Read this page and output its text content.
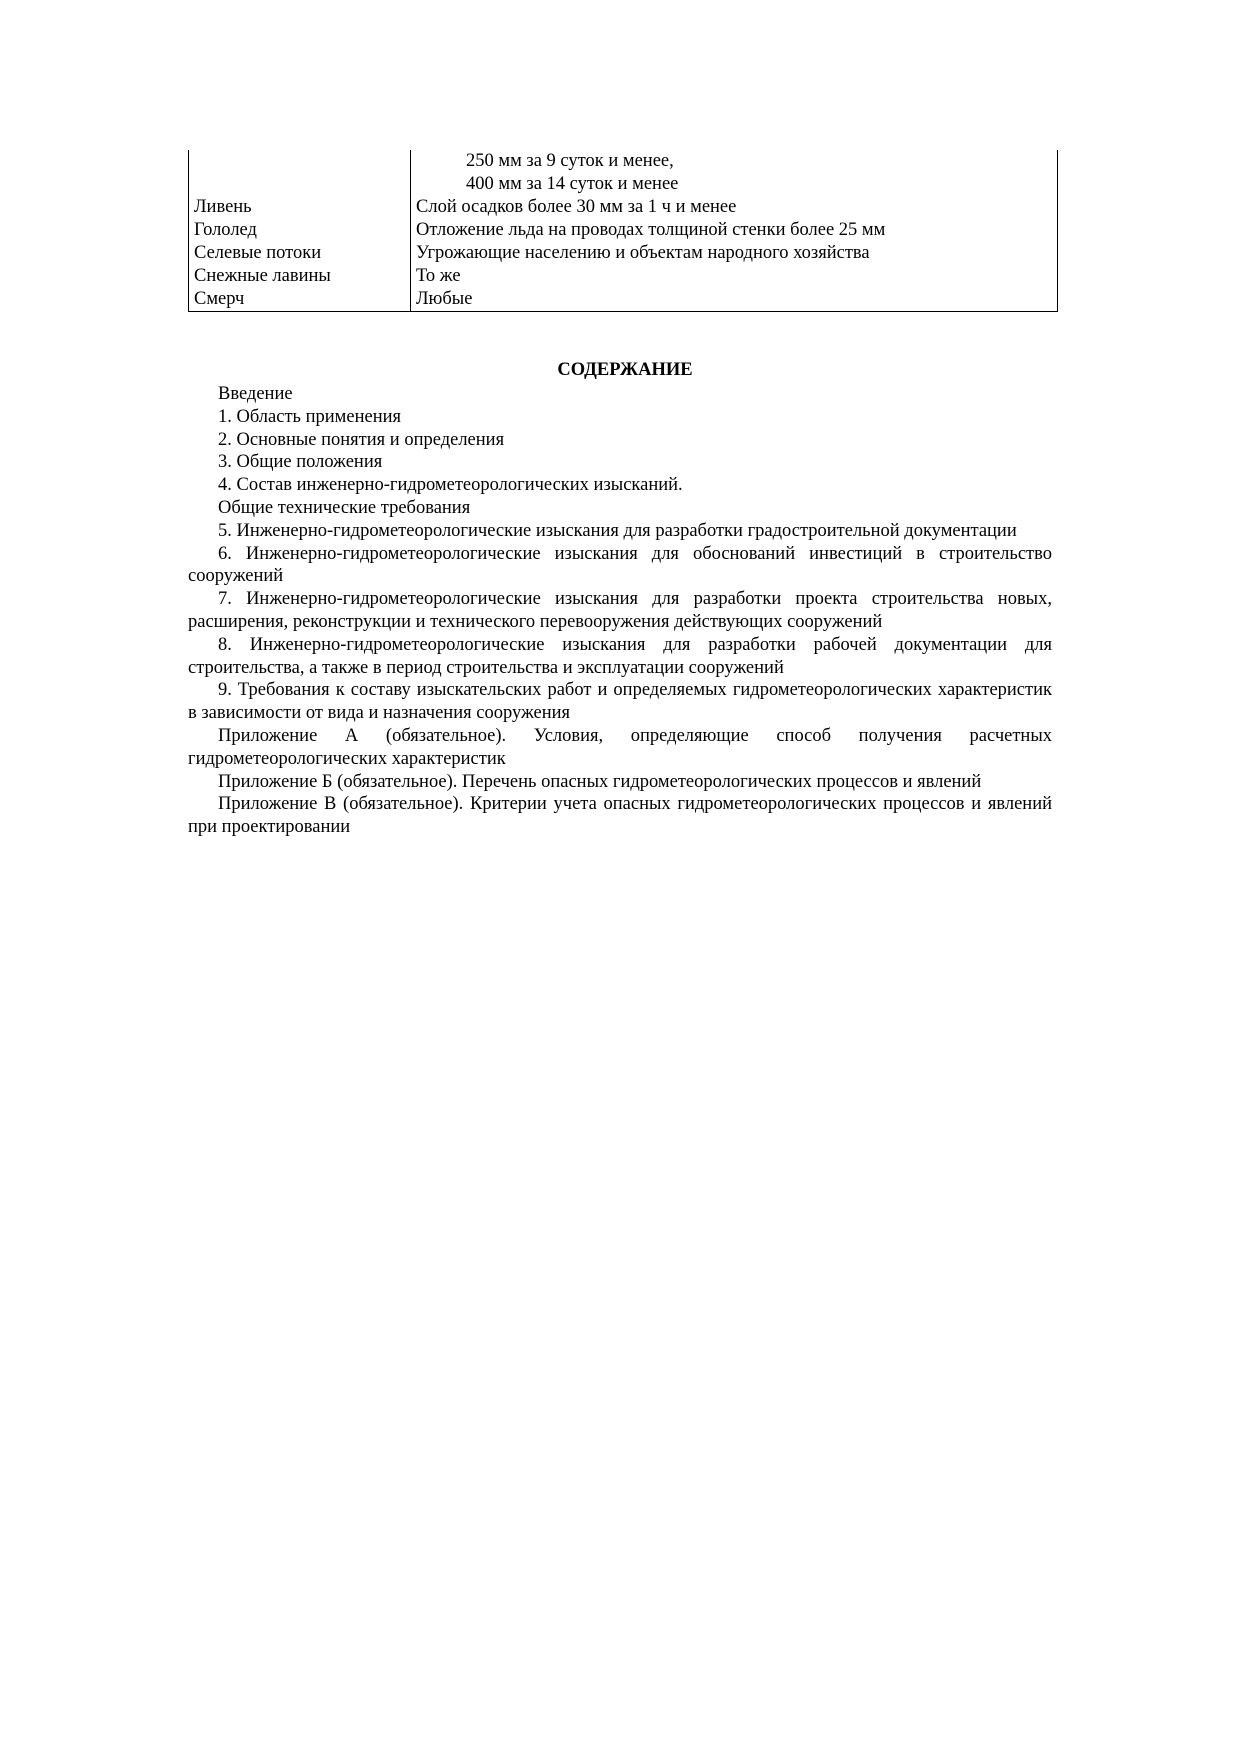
	250 мм за 9 суток и менее,
400 мм за 14 суток и менее

Ливень	Слой осадков более 30 мм за 1 ч и менее
Гололед	Отложение льда на проводах толщиной стенки более 25 мм
Селевые потоки	Угрожающие населению и объектам народного хозяйства
Снежные лавины	То же
Смерч	Любые
СОДЕРЖАНИЕ
Введение
1. Область применения
2. Основные понятия и определения
3. Общие положения
4. Состав инженерно-гидрометеорологических изысканий.
Общие технические требования
5. Инженерно-гидрометеорологические изыскания для разработки градостроительной документации
6. Инженерно-гидрометеорологические изыскания для обоснований инвестиций в строительство сооружений
7. Инженерно-гидрометеорологические изыскания для разработки проекта строительства новых, расширения, реконструкции и технического перевооружения действующих сооружений
8. Инженерно-гидрометеорологические изыскания для разработки рабочей документации для строительства, а также в период строительства и эксплуатации сооружений
9. Требования к составу изыскательских работ и определяемых гидрометеорологических характеристик в зависимости от вида и назначения сооружения
Приложение А (обязательное). Условия, определяющие способ получения расчетных гидрометеорологических характеристик
Приложение Б (обязательное). Перечень опасных гидрометеорологических процессов и явлений
Приложение В (обязательное). Критерии учета опасных гидрометеорологических процессов и явлений при проектировании
